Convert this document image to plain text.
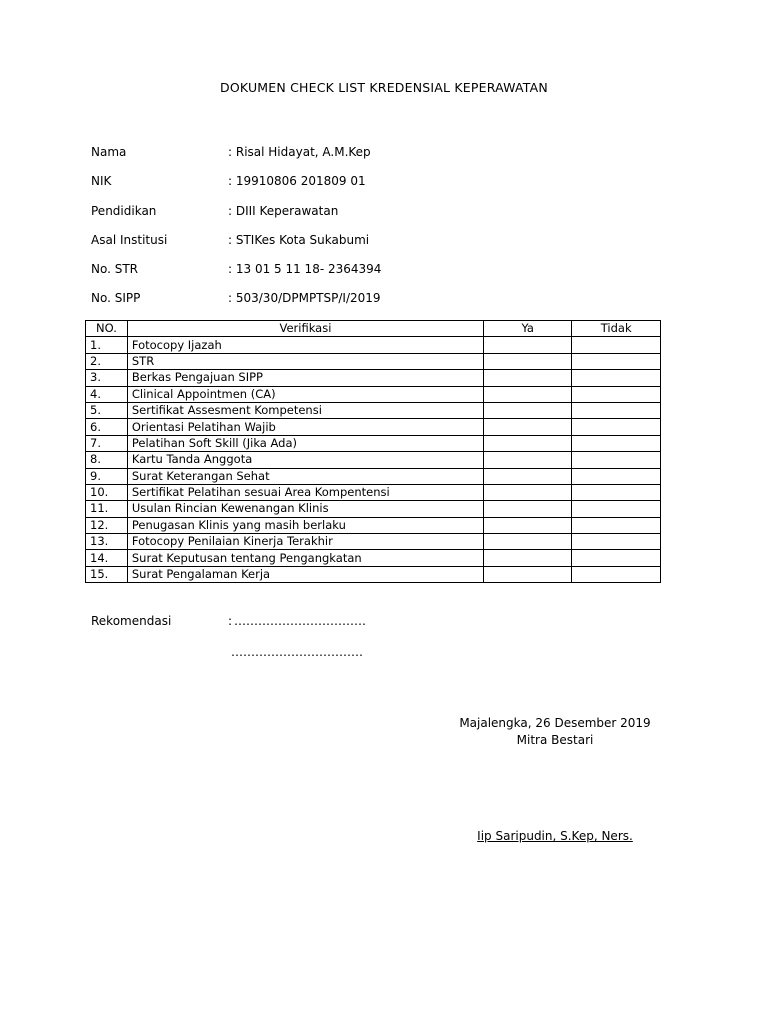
DOKUMEN CHECK LIST KREDENSIAL KEPERAWATAN
Nama	: Risal Hidayat, A.M.Kep
NIK	: 19910806 201809 01
Pendidikan	: DIII Keperawatan
Asal Institusi	: STIKes Kota Sukabumi
No. STR	: 13 01 5 11 18- 2364394
No. SIPP	: 503/30/DPMPTSP/I/2019
NO.	Verifikasi	Ya	Tidak
1.	Fotocopy Ijazah		
2.	STR		
3.	Berkas Pengajuan SIPP		
4.	Clinical Appointmen (CA)		
5.	Sertifikat Assesment Kompetensi		
6.	Orientasi Pelatihan Wajib		
7.	Pelatihan Soft Skill (Jika Ada)		
8.	Kartu Tanda Anggota		
9.	Surat Keterangan Sehat		
10.	Sertifikat Pelatihan sesuai Area Kompentensi		
11.	Usulan Rincian Kewenangan Klinis		
12.	Penugasan Klinis yang masih berlaku		
13.	Fotocopy Penilaian Kinerja Terakhir		
14.	Surat Keputusan tentang Pengangkatan		
15.	Surat Pengalaman Kerja		
Rekomendasi	: ……………………………
……………………………
Majalengka, 26 Desember 2019
Mitra Bestari
Iip Saripudin, S.Kep, Ners.
